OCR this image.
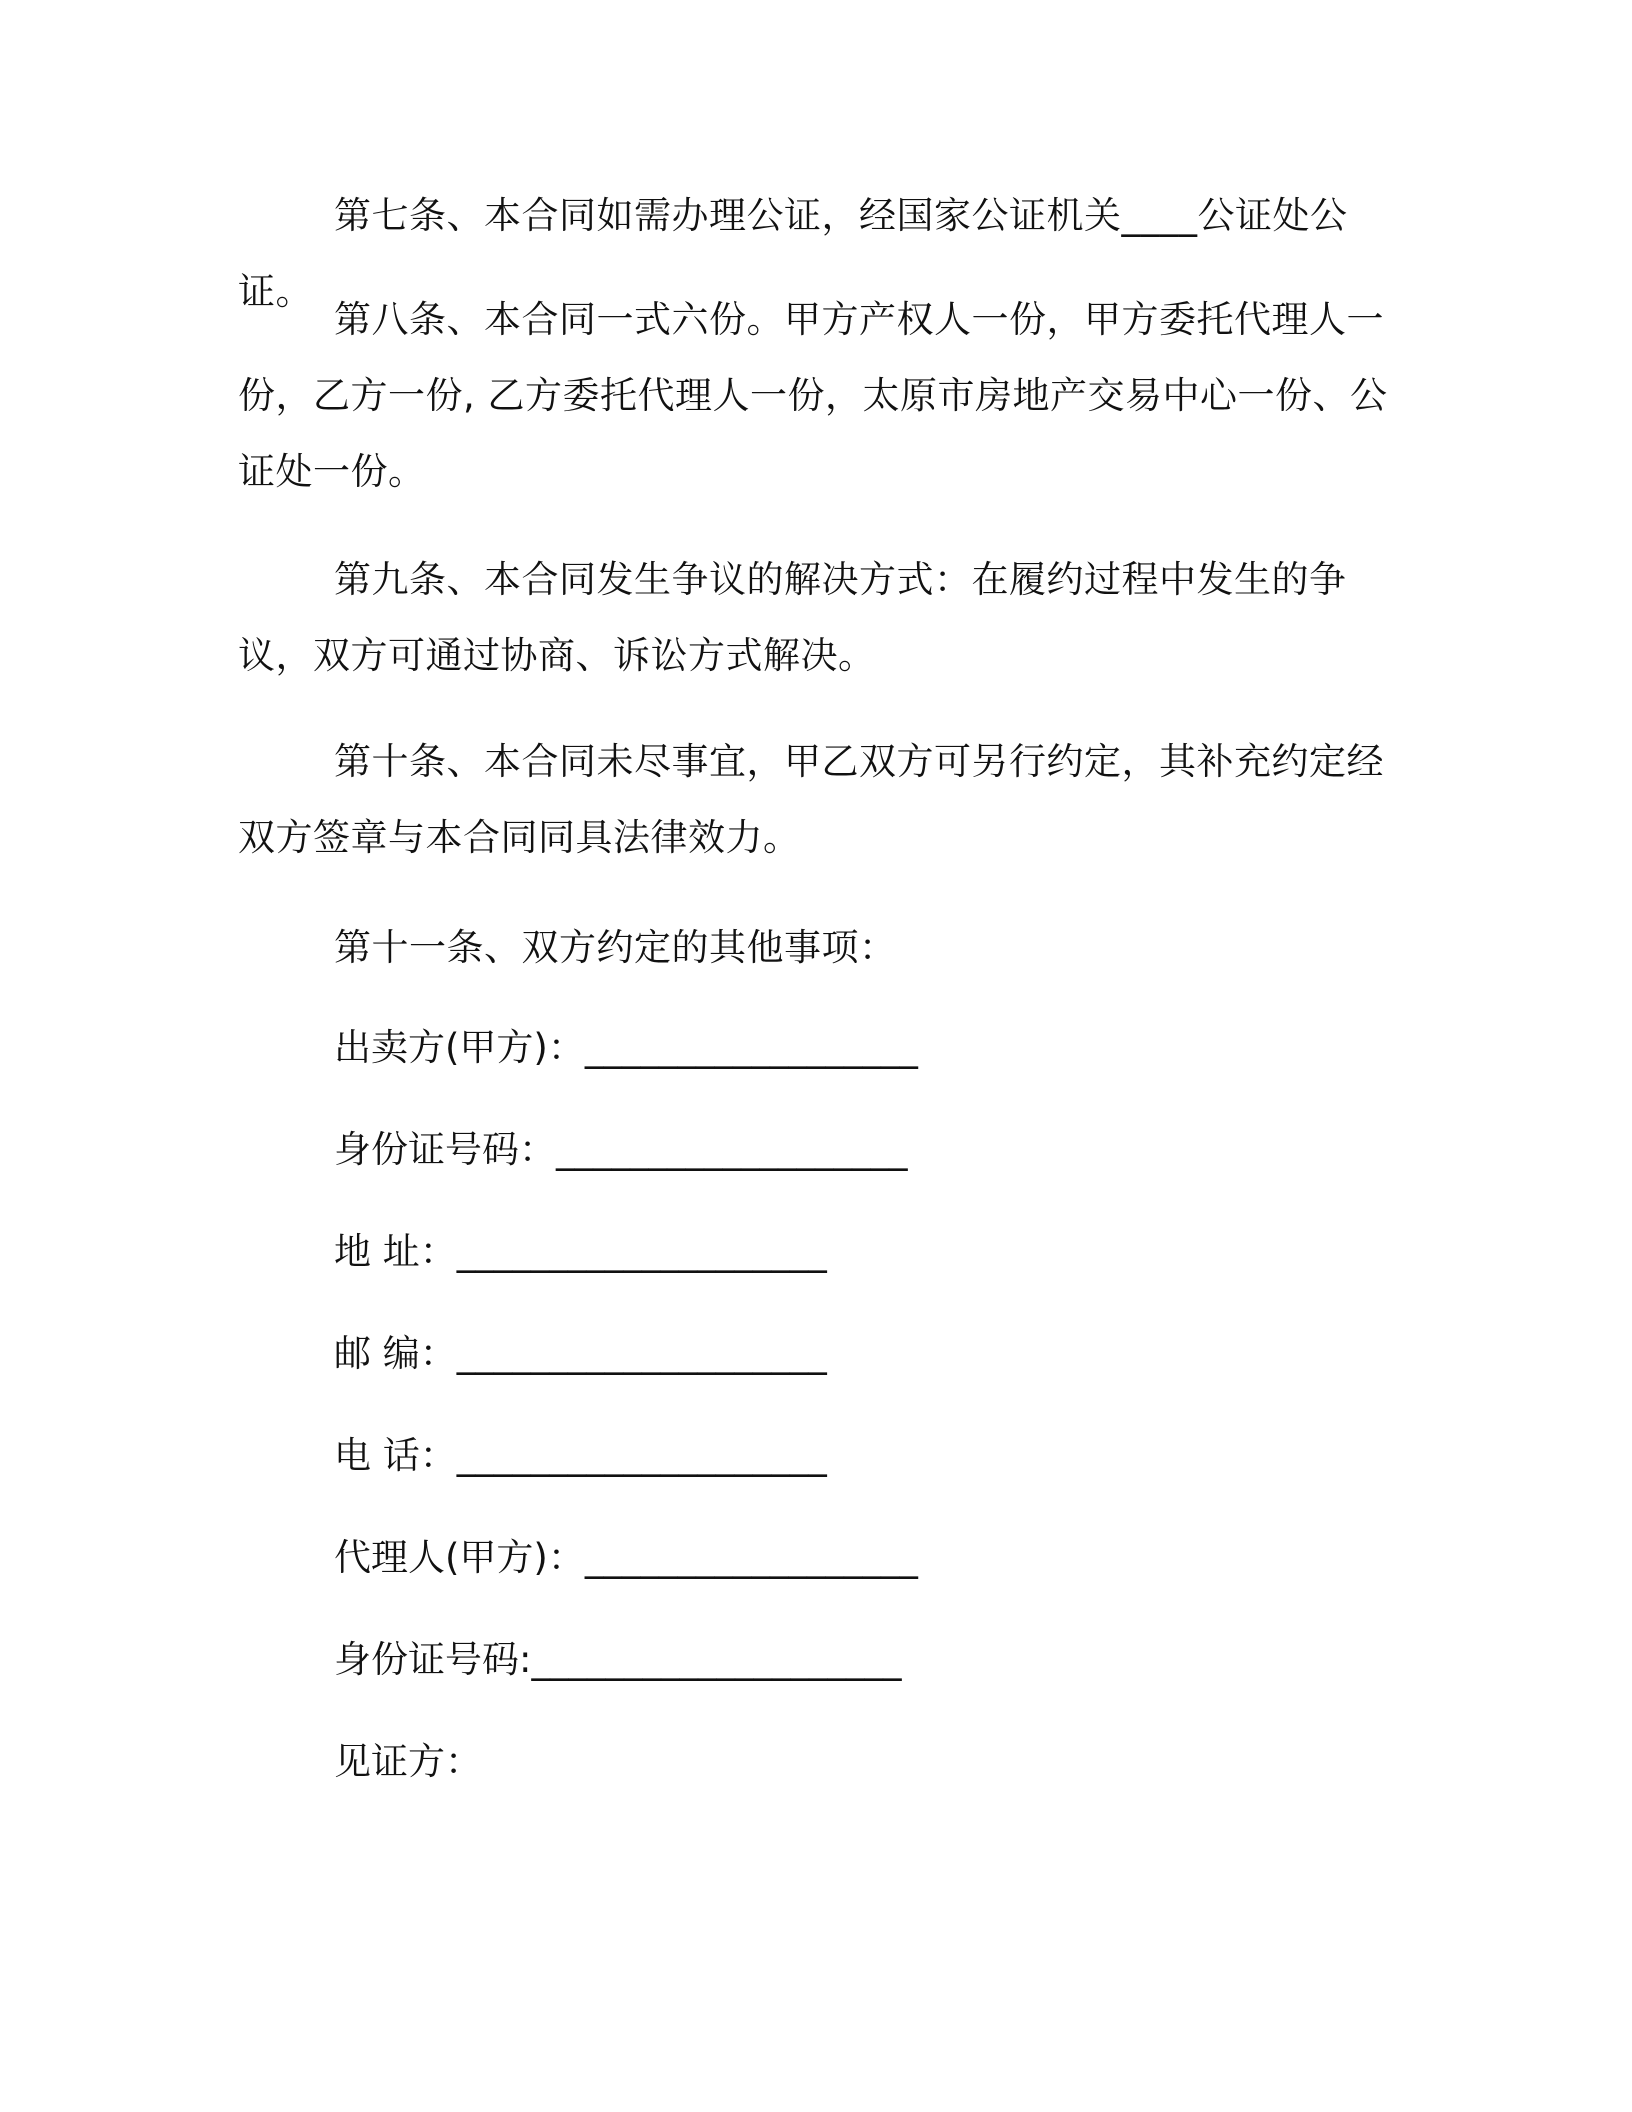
第七条、本合同如需办理公证，经国家公证机关____公证处公证。

第八条、本合同一式六份。甲方产权人一份，甲方委托代理人一份，乙方一份, 乙方委托代理人一份，太原市房地产交易中心一份、公证处一份。

第九条、本合同发生争议的解决方式：在履约过程中发生的争议，双方可通过协商、诉讼方式解决。

第十条、本合同未尽事宜，甲乙双方可另行约定，其补充约定经双方签章与本合同同具法律效力。

第十一条、双方约定的其他事项：

出卖方(甲方)：__________________

身份证号码：___________________

地 址：____________________

邮 编：____________________

电 话：____________________

代理人(甲方)：__________________

身份证号码:____________________

见证方：
